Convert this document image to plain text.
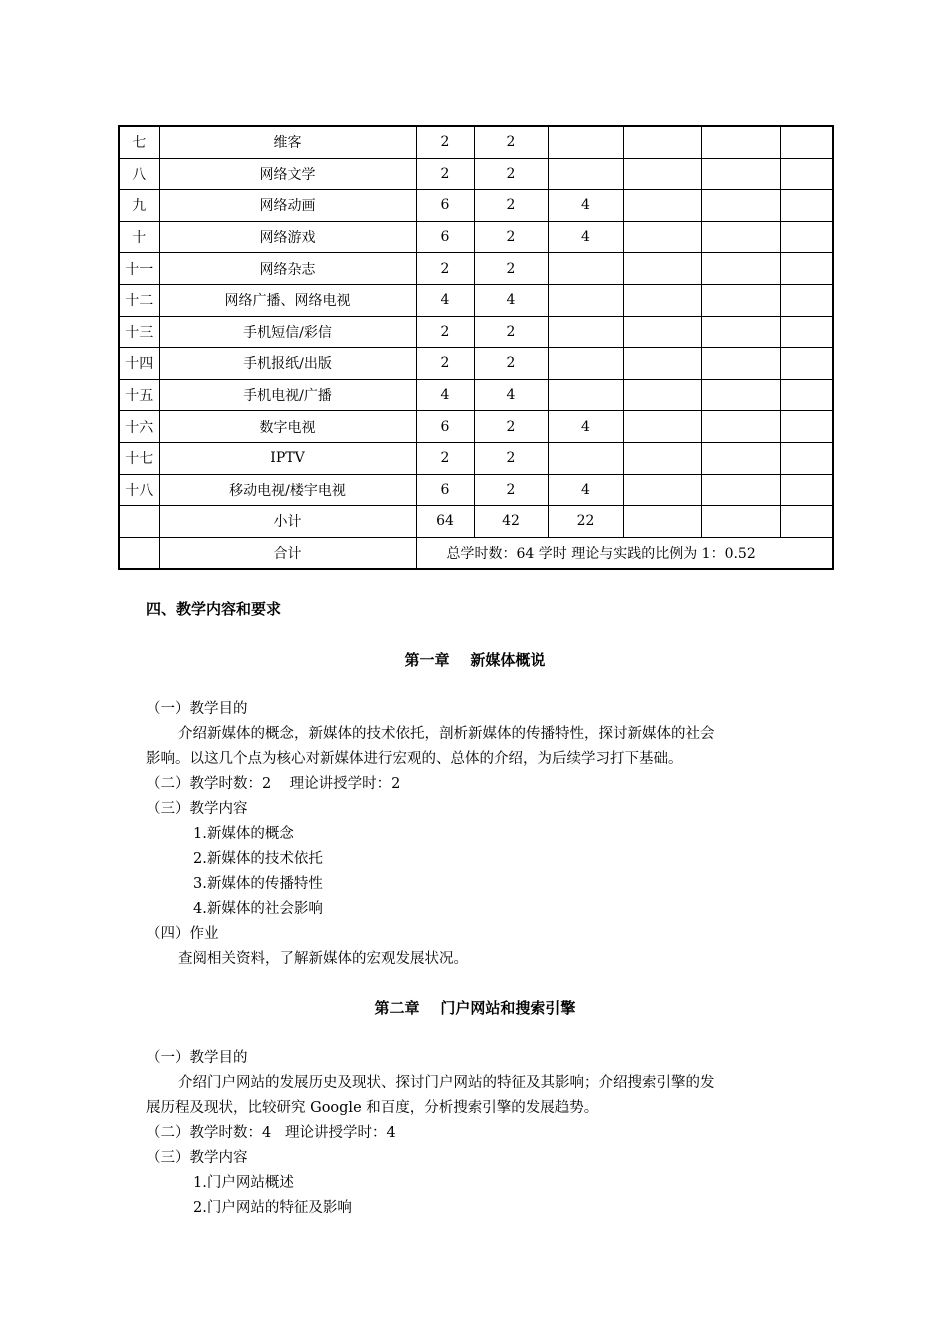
七	维客	2	2				
八	网络文学	2	2				
九	网络动画	6	2	4			
十	网络游戏	6	2	4			
十一	网络杂志	2	2				
十二	网络广播、网络电视	4	4				
十三	手机短信/彩信	2	2				
十四	手机报纸/出版	2	2				
十五	手机电视/广播	4	4				
十六	数字电视	6	2	4			
十七	IPTV	2	2				
十八	移动电视/楼宇电视	6	2	4			
	小计	64	42	22			
	合计	总学时数：64 学时 理论与实践的比例为 1：0.52					
四、教学内容和要求
第一章    新媒体概说
（一）教学目的
介绍新媒体的概念，新媒体的技术依托，剖析新媒体的传播特性，探讨新媒体的社会
影响。以这几个点为核心对新媒体进行宏观的、总体的介绍，为后续学习打下基础。
（二）教学时数：2    理论讲授学时：2
（三）教学内容
1.新媒体的概念
2.新媒体的技术依托
3.新媒体的传播特性
4.新媒体的社会影响
（四）作业
查阅相关资料，了解新媒体的宏观发展状况。
第二章    门户网站和搜索引擎
（一）教学目的
介绍门户网站的发展历史及现状、探讨门户网站的特征及其影响；介绍搜索引擎的发
展历程及现状，比较研究 Google 和百度，分析搜索引擎的发展趋势。
（二）教学时数：4   理论讲授学时：4
（三）教学内容
1.门户网站概述
2.门户网站的特征及影响
